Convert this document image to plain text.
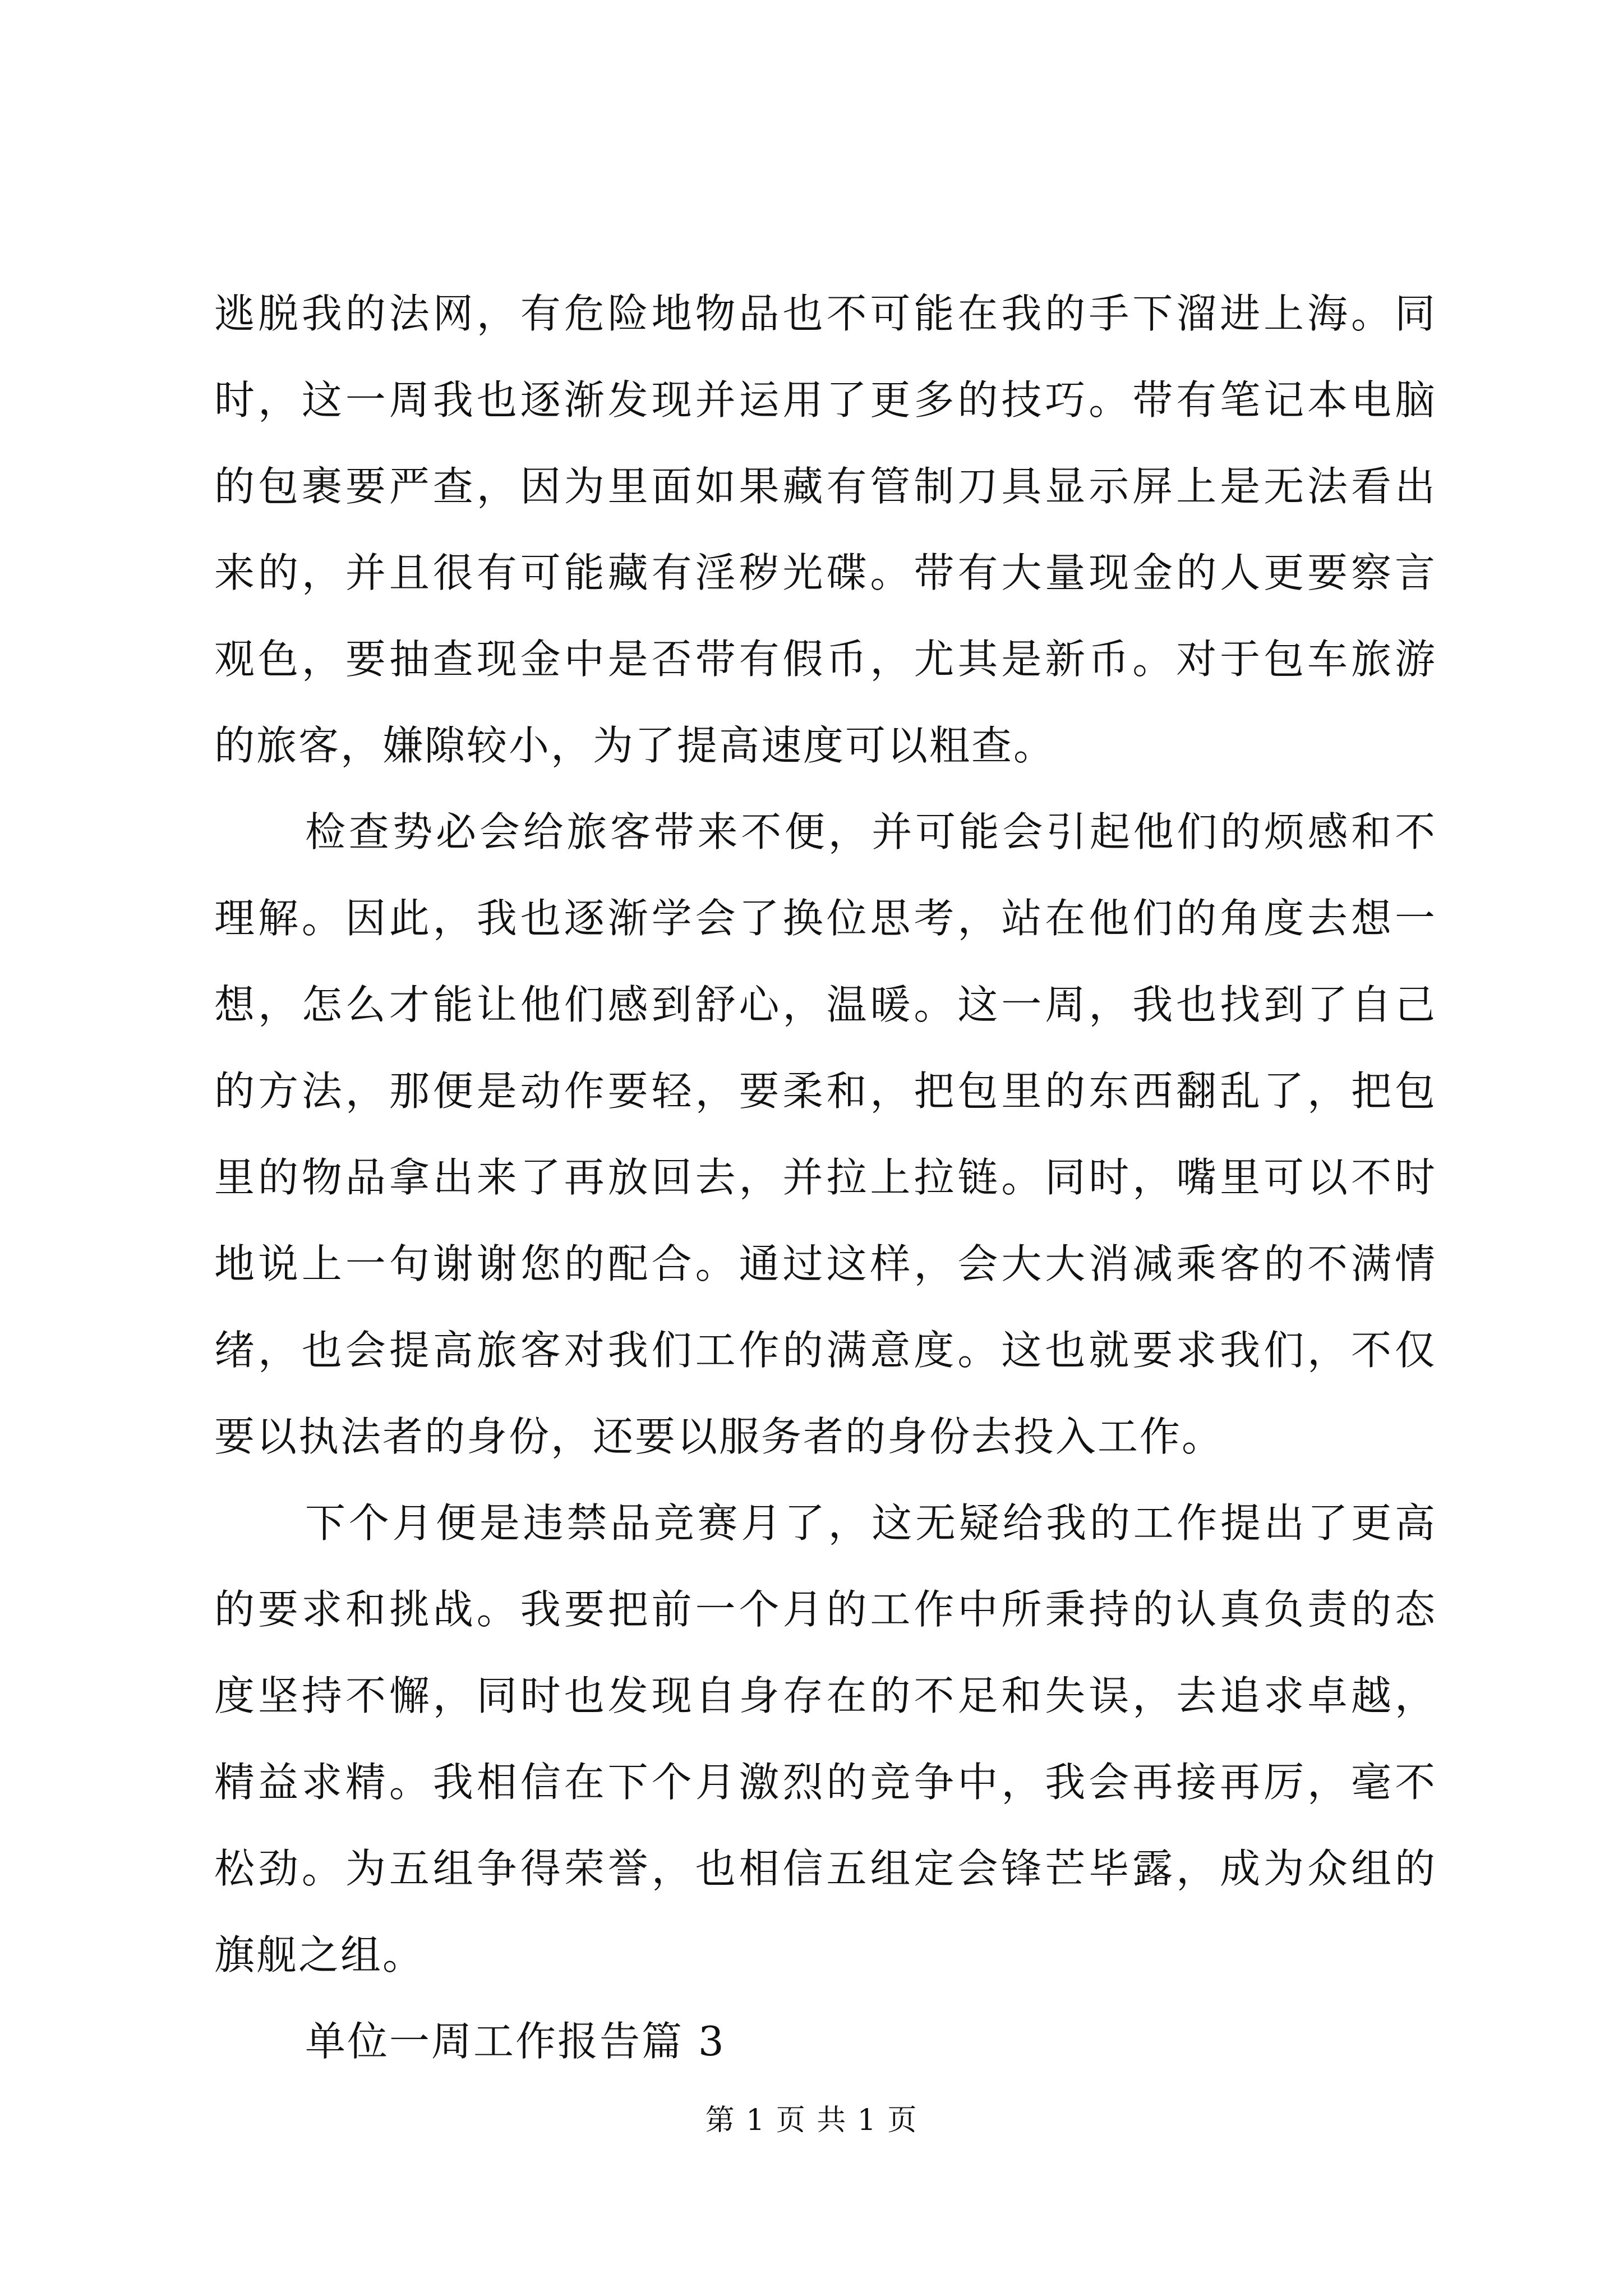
逃脱我的法网，有危险地物品也不可能在我的手下溜进上海。同
时，这一周我也逐渐发现并运用了更多的技巧。带有笔记本电脑
的包裹要严查，因为里面如果藏有管制刀具显示屏上是无法看出
来的，并且很有可能藏有淫秽光碟。带有大量现金的人更要察言
观色，要抽查现金中是否带有假币，尤其是新币。对于包车旅游
的旅客，嫌隙较小，为了提高速度可以粗查。
检查势必会给旅客带来不便，并可能会引起他们的烦感和不
理解。因此，我也逐渐学会了换位思考，站在他们的角度去想一
想，怎么才能让他们感到舒心，温暖。这一周，我也找到了自己
的方法，那便是动作要轻，要柔和，把包里的东西翻乱了，把包
里的物品拿出来了再放回去，并拉上拉链。同时，嘴里可以不时
地说上一句谢谢您的配合。通过这样，会大大消减乘客的不满情
绪，也会提高旅客对我们工作的满意度。这也就要求我们，不仅
要以执法者的身份，还要以服务者的身份去投入工作。
下个月便是违禁品竞赛月了，这无疑给我的工作提出了更高
的要求和挑战。我要把前一个月的工作中所秉持的认真负责的态
度坚持不懈，同时也发现自身存在的不足和失误，去追求卓越，
精益求精。我相信在下个月激烈的竞争中，我会再接再厉，毫不
松劲。为五组争得荣誉，也相信五组定会锋芒毕露，成为众组的
旗舰之组。
单位一周工作报告篇 3
第 1 页 共 1 页
